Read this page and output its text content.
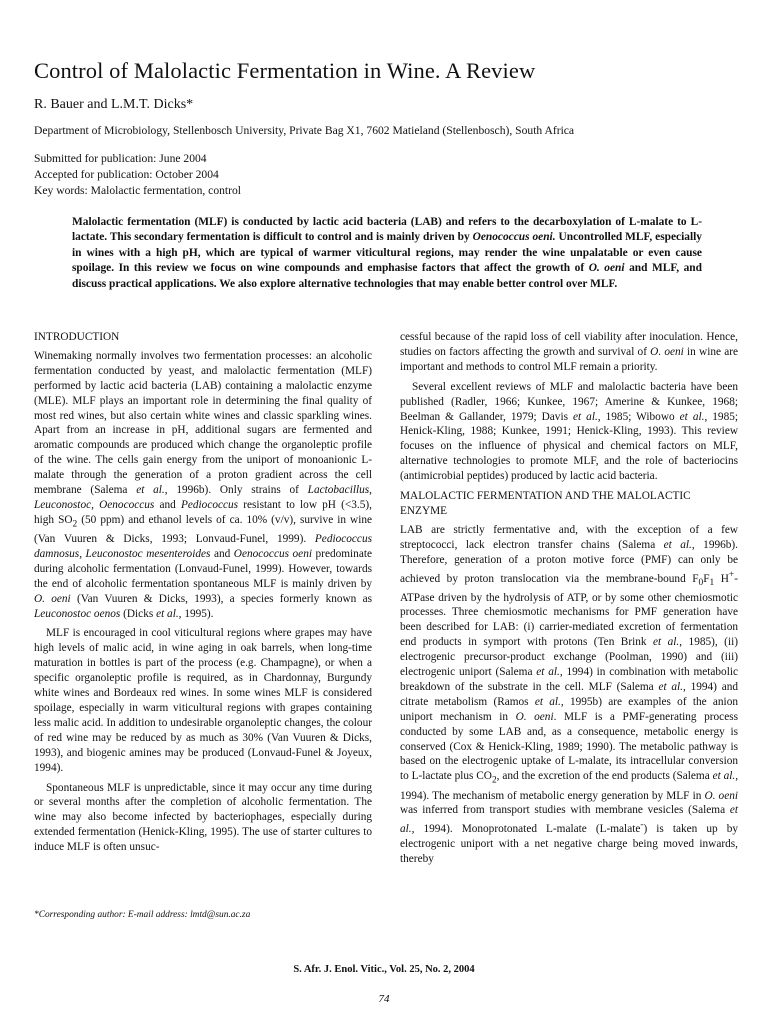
Control of Malolactic Fermentation in Wine. A Review
R. Bauer and L.M.T. Dicks*
Department of Microbiology, Stellenbosch University, Private Bag X1, 7602 Matieland (Stellenbosch), South Africa
Submitted for publication: June 2004
Accepted for publication: October 2004
Key words: Malolactic fermentation, control
Malolactic fermentation (MLF) is conducted by lactic acid bacteria (LAB) and refers to the decarboxylation of L-malate to L-lactate. This secondary fermentation is difficult to control and is mainly driven by Oenococcus oeni. Uncontrolled MLF, especially in wines with a high pH, which are typical of warmer viticultural regions, may render the wine unpalatable or even cause spoilage. In this review we focus on wine compounds and emphasise factors that affect the growth of O. oeni and MLF, and discuss practical applications. We also explore alternative technologies that may enable better control over MLF.
INTRODUCTION

Winemaking normally involves two fermentation processes: an alcoholic fermentation conducted by yeast, and malolactic fermentation (MLF) performed by lactic acid bacteria (LAB) containing a malolactic enzyme (MLE). MLF plays an important role in determining the final quality of most red wines, but also certain white wines and classic sparkling wines. Apart from an increase in pH, additional sugars are fermented and aromatic compounds are produced which change the organoleptic profile of the wine. The cells gain energy from the uniport of monoanionic L-malate through the generation of a proton gradient across the cell membrane (Salema et al., 1996b). Only strains of Lactobacillus, Leuconostoc, Oenococcus and Pediococcus resistant to low pH (<3.5), high $SO_2$ (50 ppm) and ethanol levels of ca. 10% (v/v), survive in wine (Van Vuuren & Dicks, 1993; Lonvaud-Funel, 1999). Pediococcus damnosus, Leuconostoc mesenteroides and Oenococcus oeni predominate during alcoholic fermentation (Lonvaud-Funel, 1999). However, towards the end of alcoholic fermentation spontaneous MLF is mainly driven by O. oeni (Van Vuuren & Dicks, 1993), a species formerly known as Leuconostoc oenos (Dicks et al., 1995).

MLF is encouraged in cool viticultural regions where grapes may have high levels of malic acid, in wine aging in oak barrels, when long-time maturation in bottles is part of the process (e.g. Champagne), or when a specific organoleptic profile is required, as in Chardonnay, Burgundy white wines and Bordeaux red wines. In some wines MLF is considered spoilage, especially in warm viticultural regions with grapes containing less malic acid. In addition to undesirable organoleptic changes, the colour of red wine may be reduced by as much as 30% (Van Vuuren & Dicks, 1993), and biogenic amines may be produced (Lonvaud-Funel & Joyeux, 1994).

Spontaneous MLF is unpredictable, since it may occur any time during or several months after the completion of alcoholic fermentation. The wine may also become infected by bacteriophages, especially during extended fermentation (Henick-Kling, 1995). The use of starter cultures to induce MLF is often unsuc-

cessful because of the rapid loss of cell viability after inoculation. Hence, studies on factors affecting the growth and survival of O. oeni in wine are important and methods to control MLF remain a priority.

Several excellent reviews of MLF and malolactic bacteria have been published (Radler, 1966; Kunkee, 1967; Amerine & Kunkee, 1968; Beelman & Gallander, 1979; Davis et al., 1985; Wibowo et al., 1985; Henick-Kling, 1988; Kunkee, 1991; Henick-Kling, 1993). This review focuses on the influence of physical and chemical factors on MLF, alternative technologies to promote MLF, and the role of bacteriocins (antimicrobial peptides) produced by lactic acid bacteria.

MALOLACTIC FERMENTATION AND THE MALOLACTIC ENZYME

LAB are strictly fermentative and, with the exception of a few streptococci, lack electron transfer chains (Salema et al., 1996b). Therefore, generation of a proton motive force (PMF) can only be achieved by proton translocation via the membrane-bound $F_0F_1$ H+-ATPase driven by the hydrolysis of ATP, or by some other chemiosmotic processes. Three chemiosmotic mechanisms for PMF generation have been described for LAB: (i) carrier-mediated excretion of fermentation end products in symport with protons (Ten Brink et al., 1985), (ii) electrogenic precursor-product exchange (Poolman, 1990) and (iii) electrogenic uniport (Salema et al., 1994) in combination with metabolic breakdown of the substrate in the cell. MLF (Salema et al., 1994) and citrate metabolism (Ramos et al., 1995b) are examples of the anion uniport mechanism in O. oeni. MLF is a PMF-generating process conducted by some LAB and, as a consequence, metabolic energy is conserved (Cox & Henick-Kling, 1989; 1990). The metabolic pathway is based on the electrogenic uptake of L-malate, its intracellular conversion to L-lactate plus $CO_2$, and the excretion of the end products (Salema et al., 1994). The mechanism of metabolic energy generation by MLF in O. oeni was inferred from transport studies with membrane vesicles (Salema et al., 1994). Monoprotonated L-malate (L-malate-) is taken up by electrogenic uniport with a net negative charge being moved inwards, thereby

*Corresponding author: E-mail address: lmtd@sun.ac.za
S. Afr. J. Enol. Vitic., Vol. 25, No. 2, 2004
74
